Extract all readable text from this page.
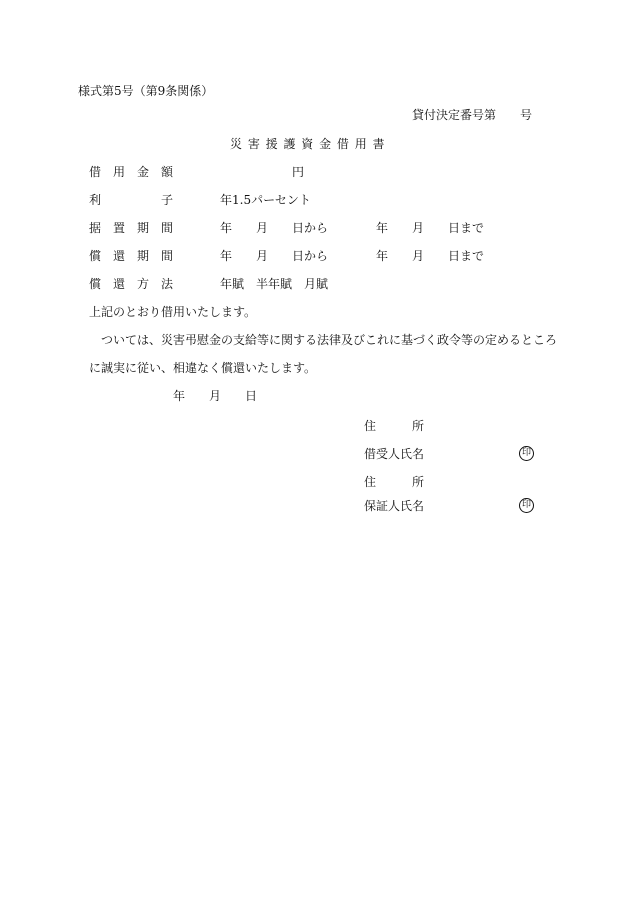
様式第5号（第9条関係）
貸付決定番号第　　号
災 害 援 護 資 金 借 用 書
借 用 金 額	円
利	子	年1.5パーセント
据 置 期 間	年 月 日から	年 月 日まで
償 還 期 間	年 月 日から	年 月 日まで
償 還 方 法	年賦　半年賦　月賦
上記のとおり借用いたします。
ついては、災害弔慰金の支給等に関する法律及びこれに基づく政令等の定めるところ
に誠実に従い、相違なく償還いたします。
年 月 日
住	所
借受人氏名	印
住	所
保証人氏名	印
